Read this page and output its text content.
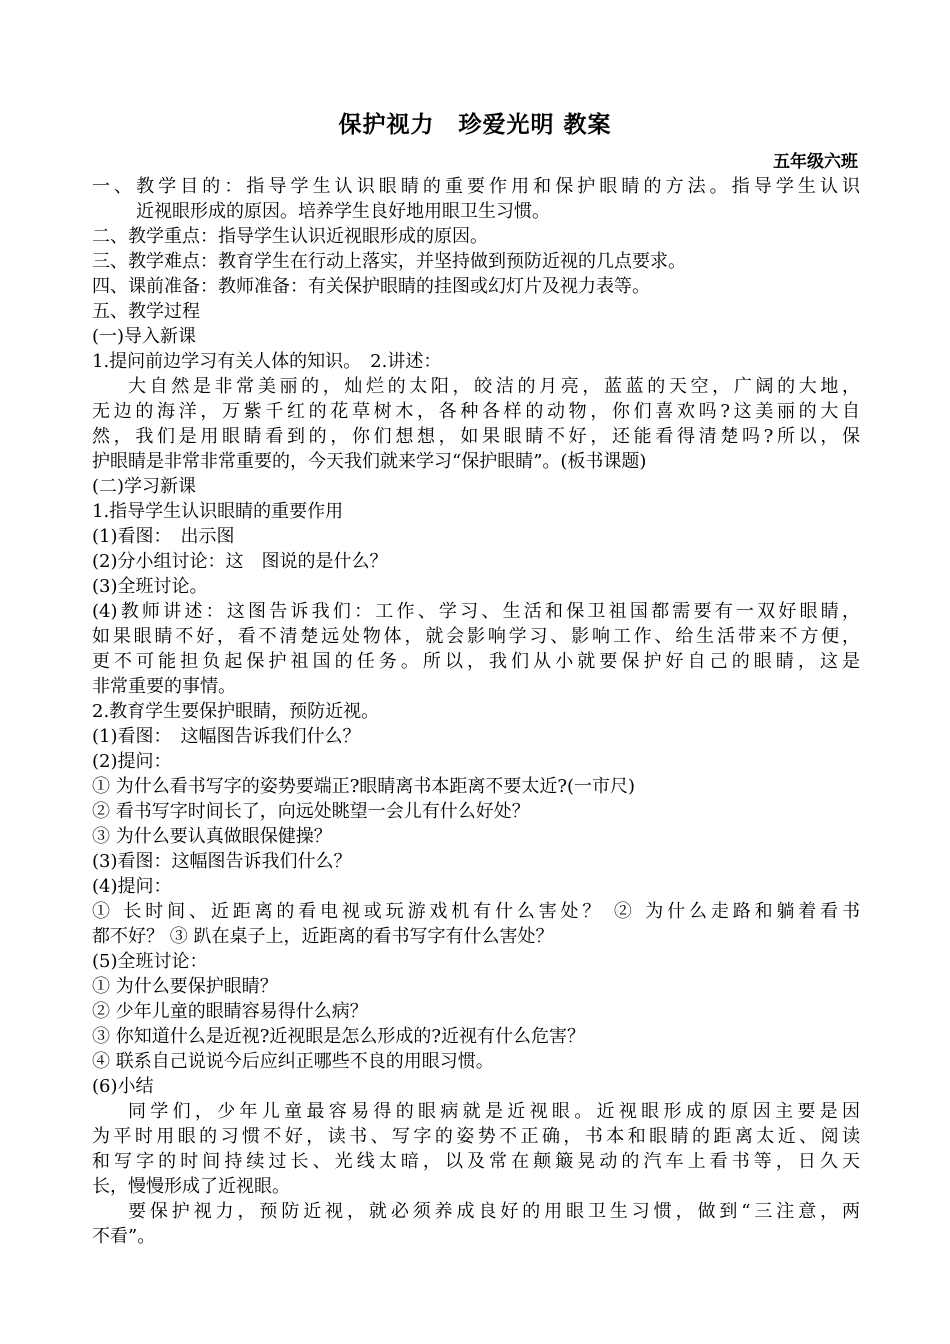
保护视力　珍爱光明 教案
五年级六班
一、教学目的：指导学生认识眼睛的重要作用和保护眼睛的方法。指导学生认识
近视眼形成的原因。培养学生良好地用眼卫生习惯。
二、教学重点：指导学生认识近视眼形成的原因。
三、教学难点：教育学生在行动上落实，并坚持做到预防近视的几点要求。
四、课前准备：教师准备：有关保护眼睛的挂图或幻灯片及视力表等。
五、教学过程
(一)导入新课
1.提问前边学习有关人体的知识。　2.讲述：
大自然是非常美丽的，灿烂的太阳，皎洁的月亮，蓝蓝的天空，广阔的大地，
无边的海洋，万紫千红的花草树木，各种各样的动物，你们喜欢吗?这美丽的大自
然，我们是用眼睛看到的，你们想想，如果眼睛不好，还能看得清楚吗?所以，保
护眼睛是非常非常重要的，今天我们就来学习“保护眼睛”。(板书课题)
(二)学习新课
1.指导学生认识眼睛的重要作用
(1)看图：　出示图
(2)分小组讨论：这　图说的是什么？
(3)全班讨论。
(4)教师讲述：这图告诉我们：工作、学习、生活和保卫祖国都需要有一双好眼睛，
如果眼睛不好，看不清楚远处物体，就会影响学习、影响工作、给生活带来不方便，
更不可能担负起保护祖国的任务。所以，我们从小就要保护好自己的眼睛，这是
非常重要的事情。
2.教育学生要保护眼睛，预防近视。
(1)看图：　这幅图告诉我们什么？
(2)提问：
① 为什么看书写字的姿势要端正?眼睛离书本距离不要太近?(一市尺)
② 看书写字时间长了，向远处眺望一会儿有什么好处？
③ 为什么要认真做眼保健操？
(3)看图：这幅图告诉我们什么？
(4)提问：
① 长时间、近距离的看电视或玩游戏机有什么害处？ ② 为什么走路和躺着看书
都不好？ ③ 趴在桌子上，近距离的看书写字有什么害处？
(5)全班讨论：
① 为什么要保护眼睛？
② 少年儿童的眼睛容易得什么病？
③ 你知道什么是近视?近视眼是怎么形成的?近视有什么危害？
④ 联系自己说说今后应纠正哪些不良的用眼习惯。
(6)小结
同学们，少年儿童最容易得的眼病就是近视眼。近视眼形成的原因主要是因
为平时用眼的习惯不好，读书、写字的姿势不正确，书本和眼睛的距离太近、阅读
和写字的时间持续过长、光线太暗，以及常在颠簸晃动的汽车上看书等，日久天
长，慢慢形成了近视眼。
要保护视力，预防近视，就必须养成良好的用眼卫生习惯，做到“三注意，两
不看”。
